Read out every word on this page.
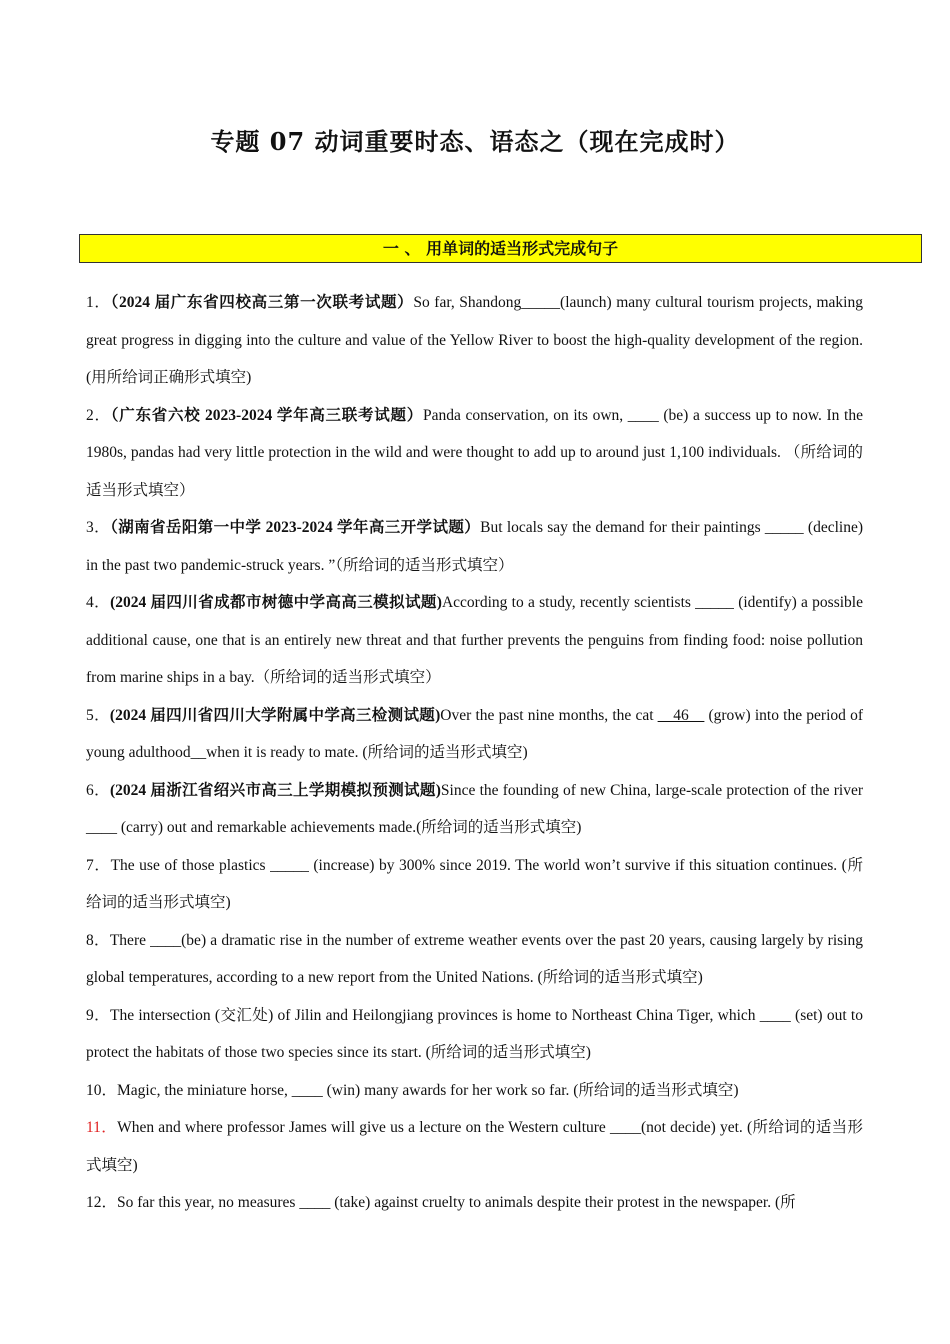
专题 07 动词重要时态、语态之（现在完成时）
一 、 用单词的适当形式完成句子

1．（2024 届广东省四校高三第一次联考试题）So far, Shandong_____(launch) many cultural tourism projects, making great progress in digging into the culture and value of the Yellow River to boost the high-quality development of the region.(用所给词正确形式填空)

2．（广东省六校 2023-2024 学年高三联考试题）Panda conservation, on its own, ____ (be) a success up to now. In the 1980s, pandas had very little protection in the wild and were thought to add up to around just 1,100 individuals. （所给词的适当形式填空）

3．（湖南省岳阳第一中学 2023-2024 学年高三开学试题）But locals say the demand for their paintings _____ (decline) in the past two pandemic-struck years. ”（所给词的适当形式填空）

4．(2024 届四川省成都市树德中学高高三模拟试题)According to a study, recently scientists _____ (identify) a possible additional cause, one that is an entirely new threat and that further prevents the penguins from finding food: noise pollution from marine ships in a bay.（所给词的适当形式填空）

5．(2024 届四川省四川大学附属中学高三检测试题)Over the past nine months, the cat __46__ (grow) into the period of young adulthood__when it is ready to mate. (所给词的适当形式填空)

6．(2024 届浙江省绍兴市高三上学期模拟预测试题)Since the founding of new China, large-scale protection of the river ____ (carry) out and remarkable achievements made.(所给词的适当形式填空)

7．The use of those plastics _____ (increase) by 300% since 2019. The world won’t survive if this situation continues. (所给词的适当形式填空)

8．There ____(be) a dramatic rise in the number of extreme weather events over the past 20 years, causing largely by rising global temperatures, according to a new report from the United Nations. (所给词的适当形式填空)

9．The intersection (交汇处) of Jilin and Heilongjiang provinces is home to Northeast China Tiger, which ____ (set) out to protect the habitats of those two species since its start. (所给词的适当形式填空)

10．Magic, the miniature horse, ____ (win) many awards for her work so far. (所给词的适当形式填空)

11．When and where professor James will give us a lecture on the Western culture ____(not decide) yet. (所给词的适当形式填空)

12．So far this year, no measures ____ (take) against cruelty to animals despite their protest in the newspaper. (所
